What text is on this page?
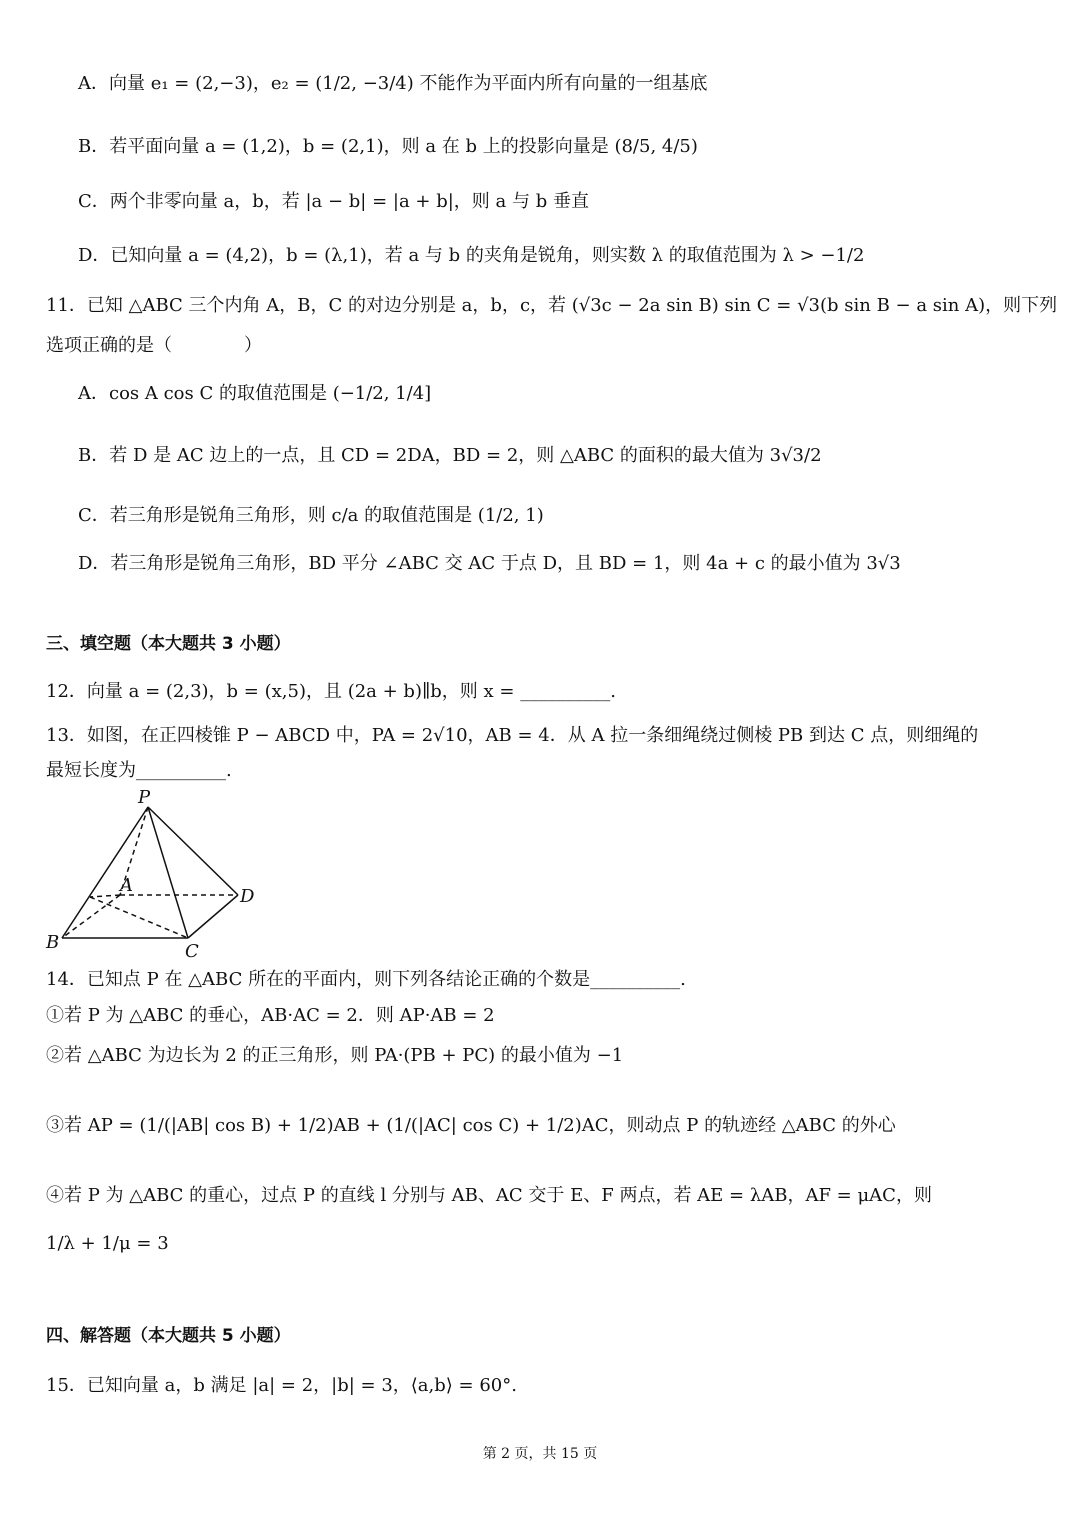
A．向量 e₁ = (2,−3)，e₂ = (1/2, −3/4) 不能作为平面内所有向量的一组基底
B．若平面向量 a = (1,2)，b = (2,1)，则 a 在 b 上的投影向量是 (8/5, 4/5)
C．两个非零向量 a，b，若 |a − b| = |a + b|，则 a 与 b 垂直
D．已知向量 a = (4,2)，b = (λ,1)，若 a 与 b 的夹角是锐角，则实数 λ 的取值范围为 λ > −1/2
11．已知 △ABC 三个内角 A，B，C 的对边分别是 a，b，c，若 (√3c − 2a sin B) sin C = √3(b sin B − a sin A)，则下列
选项正确的是（　　　　）
A．cos A cos C 的取值范围是 (−1/2, 1/4]
B．若 D 是 AC 边上的一点，且 CD = 2DA，BD = 2，则 △ABC 的面积的最大值为 3√3/2
C．若三角形是锐角三角形，则 c/a 的取值范围是 (1/2, 1)
D．若三角形是锐角三角形，BD 平分 ∠ABC 交 AC 于点 D，且 BD = 1，则 4a + c 的最小值为 3√3
三、填空题（本大题共 3 小题）
12．向量 a = (2,3)，b = (x,5)，且 (2a + b)∥b，则 x = __________.
13．如图，在正四棱锥 P − ABCD 中，PA = 2√10，AB = 4．从 A 拉一条细绳绕过侧棱 PB 到达 C 点，则细绳的
最短长度为__________.
P
A
B	C
D
14．已知点 P 在 △ABC 所在的平面内，则下列各结论正确的个数是__________.
①若 P 为 △ABC 的垂心，AB·AC = 2．则 AP·AB = 2
②若 △ABC 为边长为 2 的正三角形，则 PA·(PB + PC) 的最小值为 −1
③若 AP = (1/(|AB| cos B) + 1/2)AB + (1/(|AC| cos C) + 1/2)AC，则动点 P 的轨迹经 △ABC 的外心
④若 P 为 △ABC 的重心，过点 P 的直线 l 分别与 AB、AC 交于 E、F 两点，若 AE = λAB，AF = μAC，则
1/λ + 1/μ = 3
四、解答题（本大题共 5 小题）
15．已知向量 a，b 满足 |a| = 2，|b| = 3，⟨a,b⟩ = 60°.
第 2 页，共 15 页
